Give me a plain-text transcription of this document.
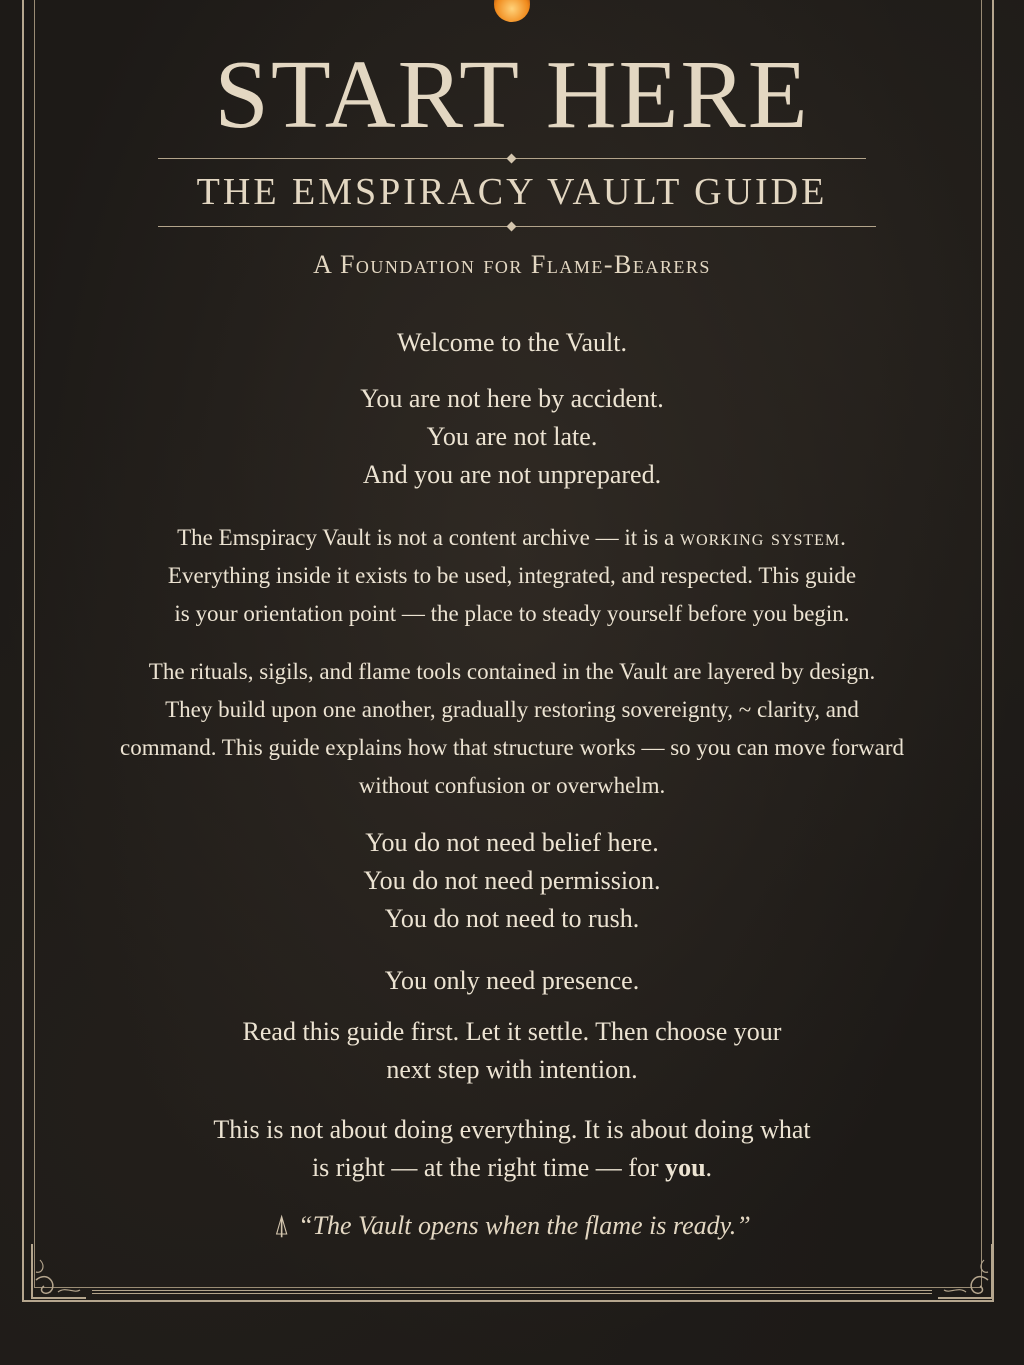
START HERE
THE EMSPIRACY VAULT GUIDE
A Foundation for Flame-Bearers
Welcome to the Vault.
You are not here by accident.
You are not late.
And you are not unprepared.
The Emspiracy Vault is not a content archive — it is a working system.
Everything inside it exists to be used, integrated, and respected. This guide
is your orientation point — the place to steady yourself before you begin.
The rituals, sigils, and flame tools contained in the Vault are layered by design.
They build upon one another, gradually restoring sovereignty, ~ clarity, and
command. This guide explains how that structure works — so you can move forward
without confusion or overwhelm.
You do not need belief here.
You do not need permission.
You do not need to rush.
You only need presence.
Read this guide first. Let it settle. Then choose your
next step with intention.
This is not about doing everything. It is about doing what
is right — at the right time — for you.
⍋ “The Vault opens when the flame is ready.”
